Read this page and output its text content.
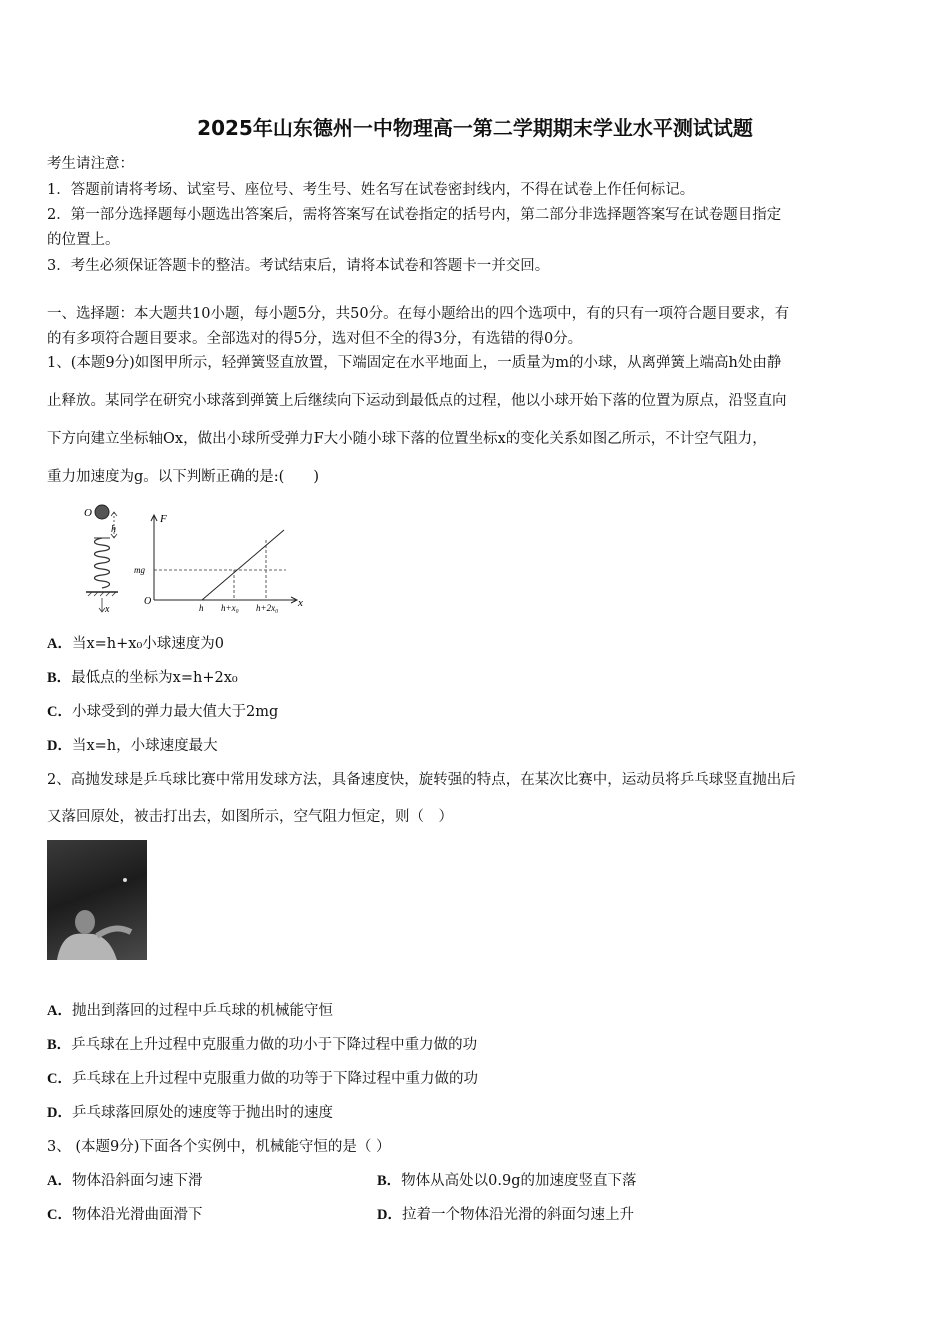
2025年山东德州一中物理高一第二学期期末学业水平测试试题
考生请注意：
1．答题前请将考场、试室号、座位号、考生号、姓名写在试卷密封线内，不得在试卷上作任何标记。
2．第一部分选择题每小题选出答案后，需将答案写在试卷指定的括号内，第二部分非选择题答案写在试卷题目指定
的位置上。
3．考生必须保证答题卡的整洁。考试结束后，请将本试卷和答题卡一并交回。
一、选择题：本大题共10小题，每小题5分，共50分。在每小题给出的四个选项中，有的只有一项符合题目要求，有
的有多项符合题目要求。全部选对的得5分，选对但不全的得3分，有选错的得0分。
1、(本题9分)如图甲所示，轻弹簧竖直放置，下端固定在水平地面上，一质量为m的小球，从离弹簧上端高h处由静
止释放。某同学在研究小球落到弹簧上后继续向下运动到最低点的过程，他以小球开始下落的位置为原点，沿竖直向
下方向建立坐标轴Ox，做出小球所受弹力F大小随小球下落的位置坐标x的变化关系如图乙所示，不计空气阻力，
重力加速度为g。以下判断正确的是:(　　)
O
h
x
F
x
O
mg
h h+x₀ h+2x₀
A．当x=h+x₀小球速度为0
B．最低点的坐标为x=h+2x₀
C．小球受到的弹力最大值大于2mg
D．当x=h，小球速度最大
2、高抛发球是乒乓球比赛中常用发球方法，具备速度快，旋转强的特点，在某次比赛中，运动员将乒乓球竖直抛出后
又落回原处，被击打出去，如图所示，空气阻力恒定，则（　）
A．抛出到落回的过程中乒乓球的机械能守恒
B．乒乓球在上升过程中克服重力做的功小于下降过程中重力做的功
C．乒乓球在上升过程中克服重力做的功等于下降过程中重力做的功
D．乒乓球落回原处的速度等于抛出时的速度
3、 (本题9分)下面各个实例中，机械能守恒的是（ ）
A．物体沿斜面匀速下滑	B．物体从高处以0.9g的加速度竖直下落
C．物体沿光滑曲面滑下	D．拉着一个物体沿光滑的斜面匀速上升
